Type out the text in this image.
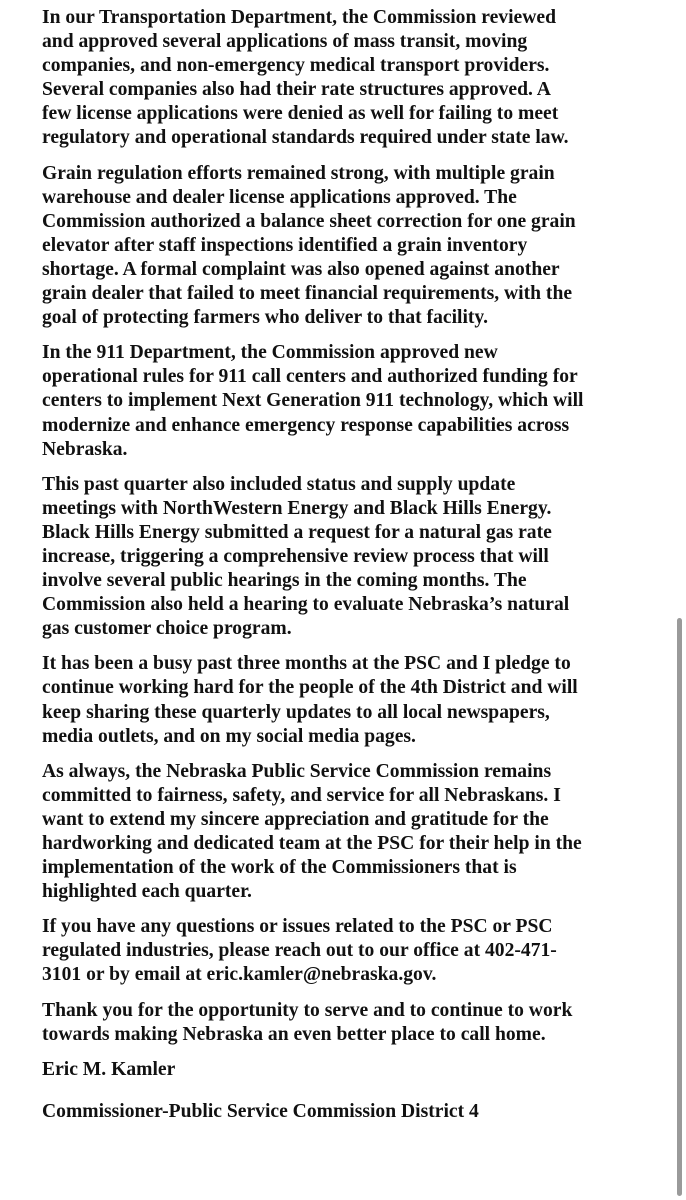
In our Transportation Department, the Commission reviewed
and approved several applications of mass transit, moving
companies, and non-emergency medical transport providers.
Several companies also had their rate structures approved. A
few license applications were denied as well for failing to meet
regulatory and operational standards required under state law.

Grain regulation efforts remained strong, with multiple grain
warehouse and dealer license applications approved. The
Commission authorized a balance sheet correction for one grain
elevator after staff inspections identified a grain inventory
shortage. A formal complaint was also opened against another
grain dealer that failed to meet financial requirements, with the
goal of protecting farmers who deliver to that facility.

In the 911 Department, the Commission approved new
operational rules for 911 call centers and authorized funding for
centers to implement Next Generation 911 technology, which will
modernize and enhance emergency response capabilities across
Nebraska.

This past quarter also included status and supply update
meetings with NorthWestern Energy and Black Hills Energy.
Black Hills Energy submitted a request for a natural gas rate
increase, triggering a comprehensive review process that will
involve several public hearings in the coming months. The
Commission also held a hearing to evaluate Nebraska’s natural
gas customer choice program.

It has been a busy past three months at the PSC and I pledge to
continue working hard for the people of the 4th District and will
keep sharing these quarterly updates to all local newspapers,
media outlets, and on my social media pages.

As always, the Nebraska Public Service Commission remains
committed to fairness, safety, and service for all Nebraskans. I
want to extend my sincere appreciation and gratitude for the
hardworking and dedicated team at the PSC for their help in the
implementation of the work of the Commissioners that is
highlighted each quarter.

If you have any questions or issues related to the PSC or PSC
regulated industries, please reach out to our office at 402-471-
3101 or by email at eric.kamler@nebraska.gov.

Thank you for the opportunity to serve and to continue to work
towards making Nebraska an even better place to call home.

Eric M. Kamler

Commissioner-Public Service Commission District 4
